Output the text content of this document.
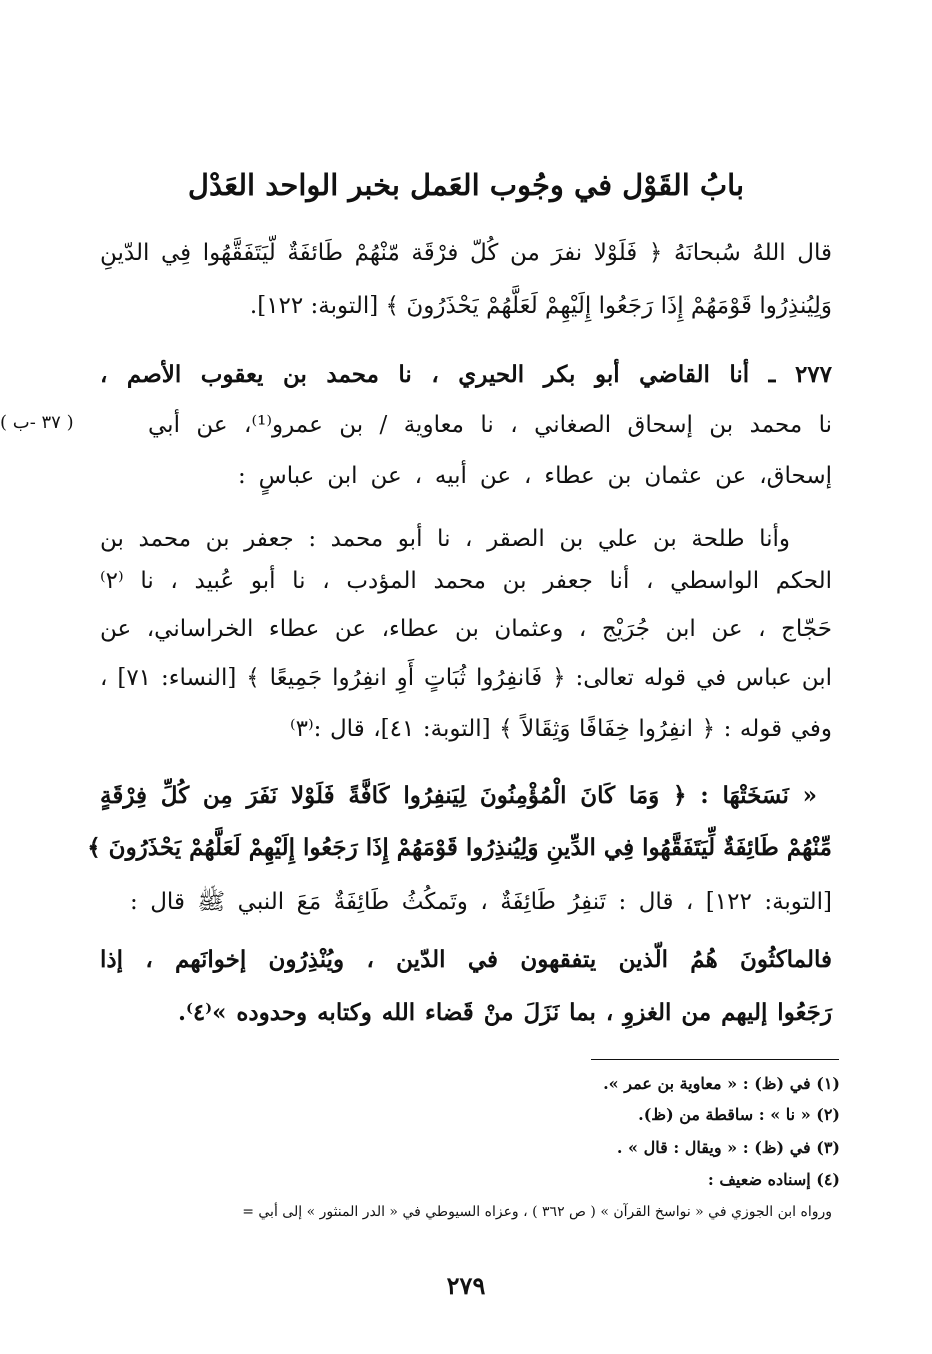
بابُ القَوْل في وجُوب العَمل بخبر الواحد العَدْل
قال اللهُ سُبحانَهُ ﴿ فَلَوْلا نفرَ من كُلّ فرْقَة مّنْهُمْ طَائفَةٌ لّيَتَفَقَّهُوا فِي الدّينِ
وَلِيُنذِرُوا قَوْمَهُمْ إِذَا رَجَعُوا إِلَيْهِمْ لَعَلَّهُمْ يَحْذَرُونَ ﴾ [التوبة: ١٢٢].
٢٧٧ ـ أنا القاضي أبو بكر الحيري ، نا محمد بن يعقوب الأصم ،
نا محمد بن إسحاق الصغاني ، نا معاوية / بن عمرو⁽¹⁾، عن أبي
إسحاق، عن عثمان بن عطاء ، عن أبيه ، عن ابن عباسٍ :
( ٣٧ -ب )
وأنا طلحة بن علي بن الصقر ، نا أبو محمد : جعفر بن محمد بن
الحكم الواسطي ، أنا جعفر بن محمد المؤدب ، نا أبو عُبيد ، نا ⁽٢⁾
حَجّاج ، عن ابن جُرَيْج ، وعثمان بن عطاء، عن عطاء الخراساني، عن
ابن عباس في قوله تعالى: ﴿ فَانفِرُوا ثُبَاتٍ أَوِ انفِرُوا جَمِيعًا ﴾ [النساء: ٧١] ،
وفي قوله : ﴿ انفِرُوا خِفَافًا وَثِقَالاً ﴾ [التوبة: ٤١]، قال :⁽٣⁾
« نَسَخَتْهَا : ﴿ وَمَا كَانَ الْمُؤْمِنُونَ لِيَنفِرُوا كَافَّةً فَلَوْلا نَفَرَ مِن كُلِّ فِرْقَةٍ
مِّنْهُمْ طَائِفَةٌ لِّيَتَفَقَّهُوا فِي الدِّينِ وَلِيُنذِرُوا قَوْمَهُمْ إِذَا رَجَعُوا إِلَيْهِمْ لَعَلَّهُمْ يَحْذَرُونَ ﴾
[التوبة: ١٢٢] ، قال : تَنفِرُ طَائِفَةٌ ، وتَمكُثُ طَائِفَةٌ مَعَ النبي ﷺ قال :
فالماكثُونَ هُمُ الّذين يتفقهون في الدّين ، ويُنْذِرُون إخوانَهم ، إذا
رَجَعُوا إليهم من الغزوِ ، بما نَزَلَ منْ قَضاء الله وكتابه وحدوده »⁽٤⁾.
(١) في (ظ) : « معاوية بن عمر ».
(٢) « نا » : ساقطة من (ظ).
(٣) في (ظ) : « ويقال : قال » .
(٤) إسناده ضعيف :
ورواه ابن الجوزي في « نواسخ القرآن » ( ص ٣٦٢ ) ، وعزاه السيوطي في « الدر المنثور » إلى أبي =
٢٧٩
